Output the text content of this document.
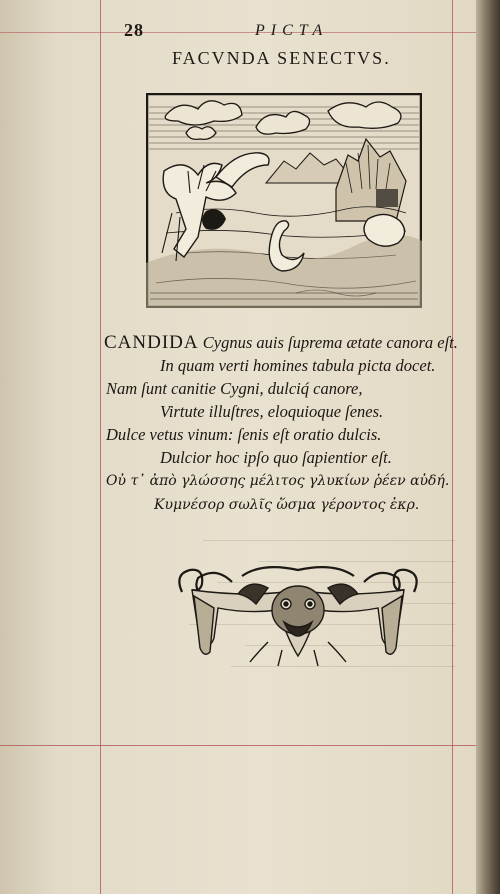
28	PICTA
FACVNDA SENECTVS.
CANDIDA Cygnus auis ſuprema ætate canora eſt.
In quam verti homines tabula picta docet.
Nam ſunt canitie Cygni, dulciq́ canore,
Virtute illuſtres, eloquioque ſenes.
Dulce vetus vinum: ſenis eſt oratio dulcis.
Dulcior hoc ipſo quo ſapientior eſt.
Οὐ τ᾽ ἀπὸ γλώσσης μέλιτος γλυκίων ῥέεν αὐδή.
Κυμνέσορ σωλῖς ὥσμα γέροντος ἐκρ.
